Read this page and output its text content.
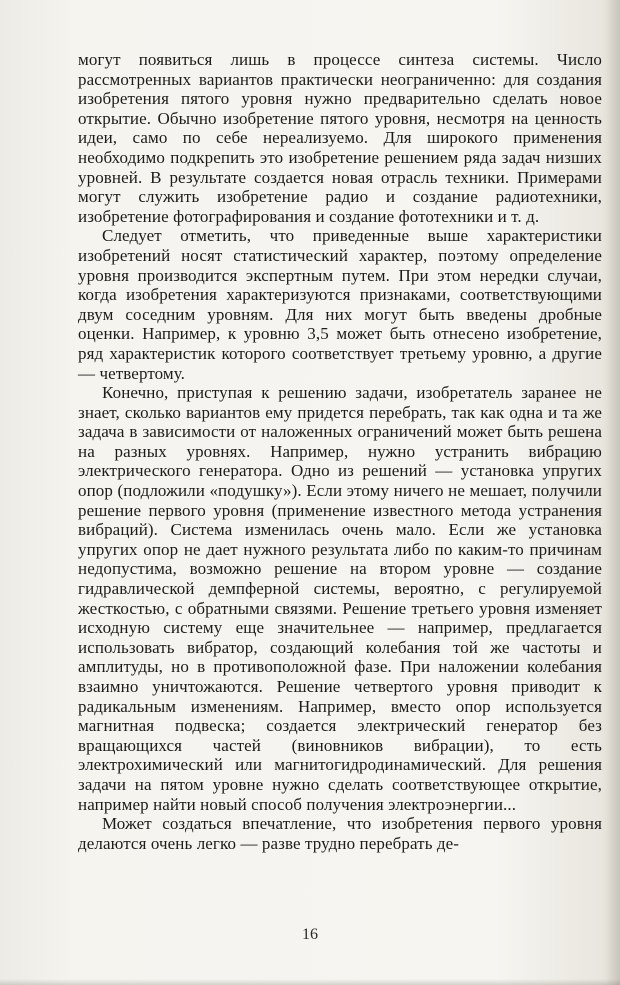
могут появиться лишь в процессе синтеза системы. Число рассмотренных вариантов практически неограниченно: для создания изобретения пятого уровня нужно предварительно сделать новое открытие. Обычно изобретение пятого уровня, несмотря на ценность идеи, само по себе нереализуемо. Для широкого применения необходимо подкрепить это изобретение решением ряда задач низших уровней. В результате создается новая отрасль техники. Примерами могут служить изобретение радио и создание радиотехники, изобретение фотографирования и создание фототехники и т. д.

Следует отметить, что приведенные выше характеристики изобретений носят статистический характер, поэтому определение уровня производится экспертным путем. При этом нередки случаи, когда изобретения характеризуются признаками, соответствующими двум соседним уровням. Для них могут быть введены дробные оценки. Например, к уровню 3,5 может быть отнесено изобретение, ряд характеристик которого соответствует третьему уровню, а другие — четвертому.

Конечно, приступая к решению задачи, изобретатель заранее не знает, сколько вариантов ему придется перебрать, так как одна и та же задача в зависимости от наложенных ограничений может быть решена на разных уровнях. Например, нужно устранить вибрацию электрического генератора. Одно из решений — установка упругих опор (подложили «подушку»). Если этому ничего не мешает, получили решение первого уровня (применение известного метода устранения вибраций). Система изменилась очень мало. Если же установка упругих опор не дает нужного результата либо по каким-то причинам недопустима, возможно решение на втором уровне — создание гидравлической демпферной системы, вероятно, с регулируемой жесткостью, с обратными связями. Решение третьего уровня изменяет исходную систему еще значительнее — например, предлагается использовать вибратор, создающий колебания той же частоты и амплитуды, но в противоположной фазе. При наложении колебания взаимно уничтожаются. Решение четвертого уровня приводит к радикальным изменениям. Например, вместо опор используется магнитная подвеска; создается электрический генератор без вращающихся частей (виновников вибрации), то есть электрохимический или магнитогидродинамический. Для решения задачи на пятом уровне нужно сделать соответствующее открытие, например найти новый способ получения электроэнергии...

Может создаться впечатление, что изобретения первого уровня делаются очень легко — разве трудно перебрать де-

16
